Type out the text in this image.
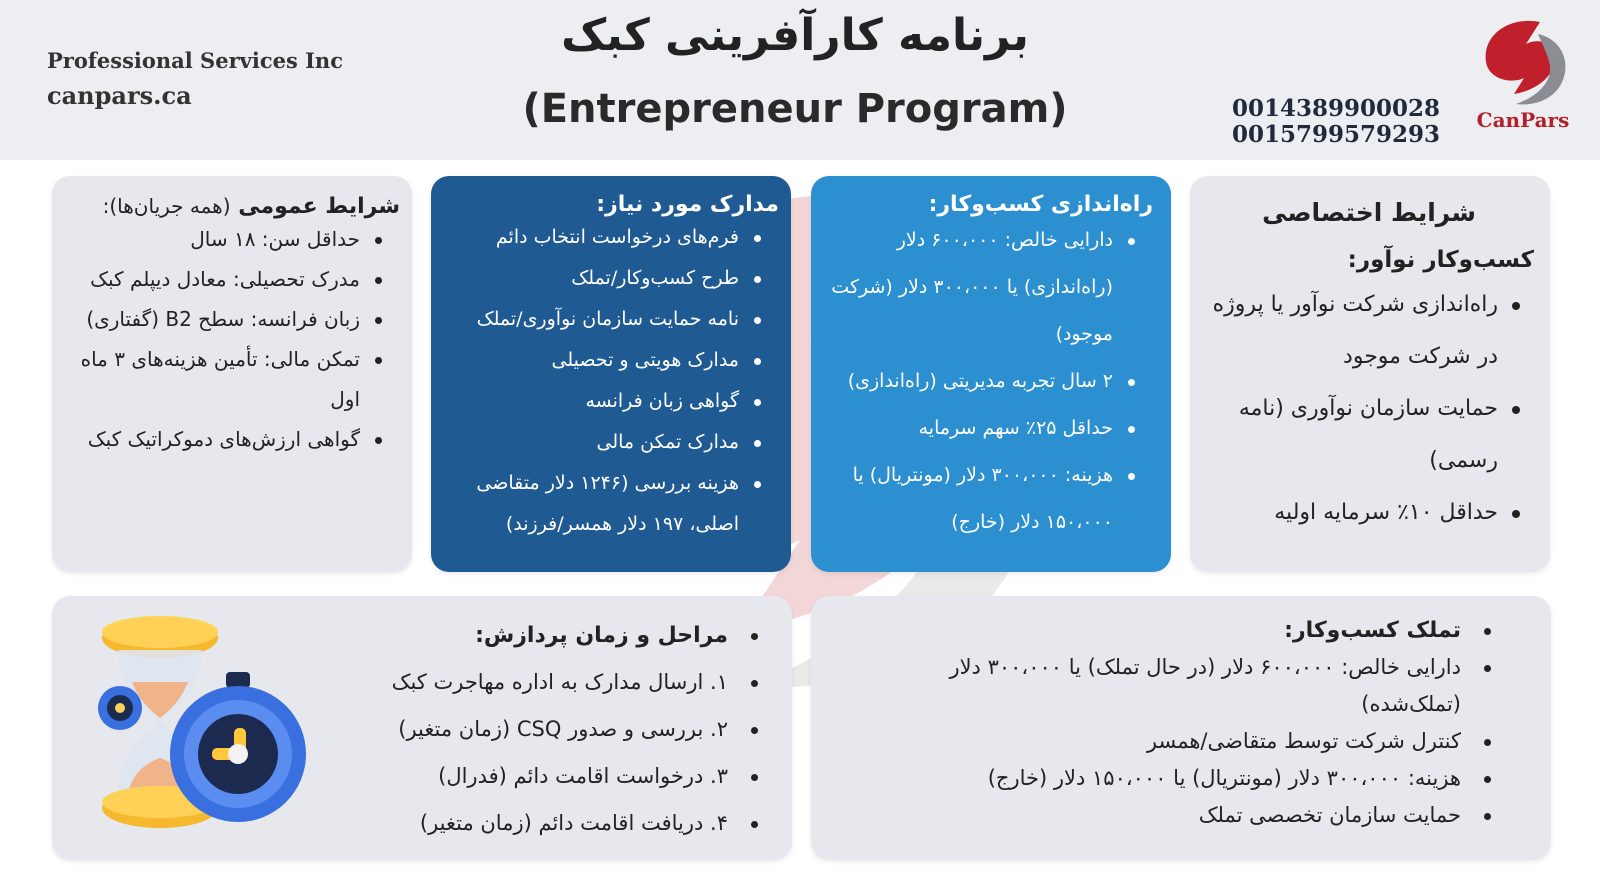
Professional Services Inc
canpars.ca
برنامه کارآفرینی کبک
(Entrepreneur Program)	0014389900028
0015799579293
CanPars
شرایط اختصاصی
کسب‌وکار نوآور:
راه‌اندازی شرکت نوآور یا پروژه در شرکت موجود
حمایت سازمان نوآوری (نامه رسمی)
حداقل ۱۰٪ سرمایه اولیه
راه‌اندازی کسب‌وکار:
دارایی خالص: ۶۰۰،۰۰۰ دلار (راه‌اندازی) یا ۳۰۰،۰۰۰ دلار (شرکت موجود)
۲ سال تجربه مدیریتی (راه‌اندازی)
حداقل ۲۵٪ سهم سرمایه
هزینه: ۳۰۰،۰۰۰ دلار (مونتریال) یا ۱۵۰،۰۰۰ دلار (خارج)
مدارک مورد نیاز:
فرم‌های درخواست انتخاب دائم
طرح کسب‌وکار/تملک
نامه حمایت سازمان نوآوری/تملک
مدارک هویتی و تحصیلی
گواهی زبان فرانسه
مدارک تمکن مالی
هزینه بررسی (۱۲۴۶ دلار متقاضی اصلی، ۱۹۷ دلار همسر/فرزند)
شرایط عمومی (همه جریان‌ها):
حداقل سن: ۱۸ سال
مدرک تحصیلی: معادل دیپلم کبک
زبان فرانسه: سطح B2 (گفتاری)
تمکن مالی: تأمین هزینه‌های ۳ ماه اول
گواهی ارزش‌های دموکراتیک کبک
تملک کسب‌وکار:
دارایی خالص: ۶۰۰،۰۰۰ دلار (در حال تملک) یا ۳۰۰،۰۰۰ دلار (تملک‌شده)
کنترل شرکت توسط متقاضی/همسر
هزینه: ۳۰۰،۰۰۰ دلار (مونتریال) یا ۱۵۰،۰۰۰ دلار (خارج)
حمایت سازمان تخصصی تملک
مراحل و زمان پردازش:
۱. ارسال مدارک به اداره مهاجرت کبک
۲. بررسی و صدور CSQ (زمان متغیر)
۳. درخواست اقامت دائم (فدرال)
۴. دریافت اقامت دائم (زمان متغیر)
